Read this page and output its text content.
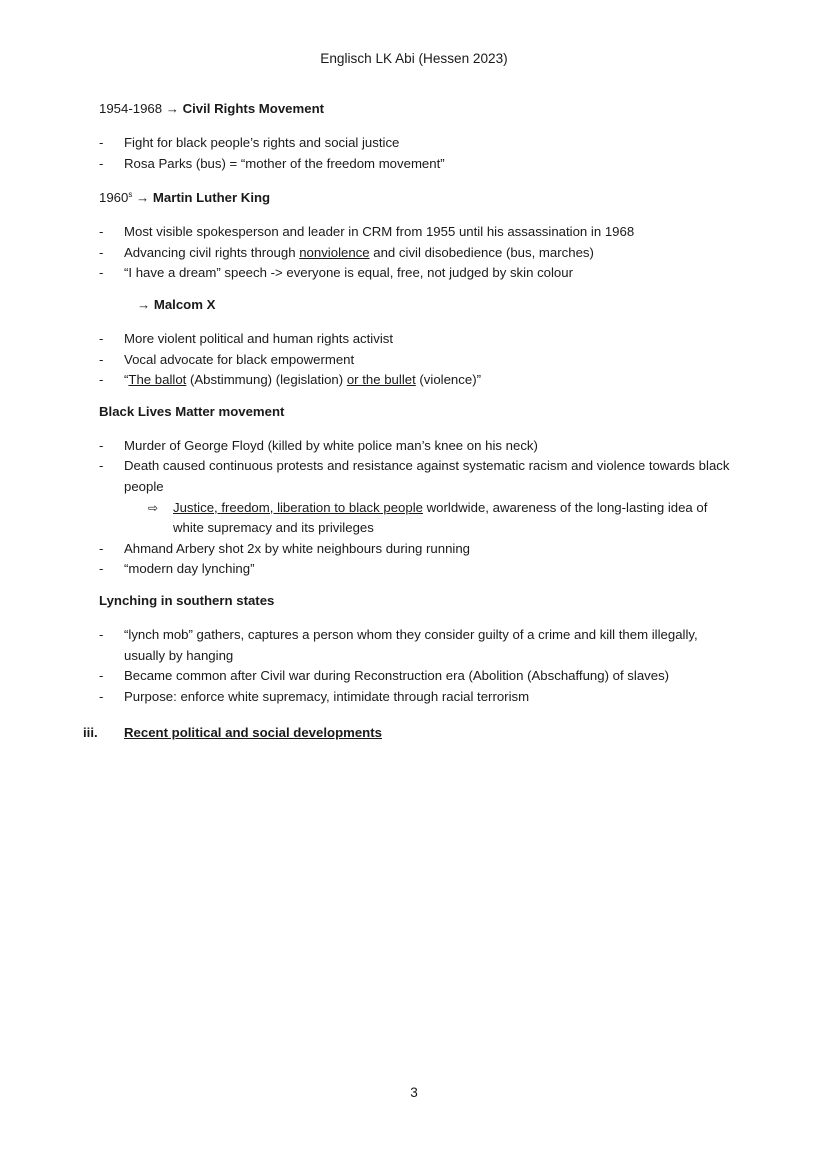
Englisch LK Abi (Hessen 2023)
1954-1968 → Civil Rights Movement
- Fight for black people’s rights and social justice
- Rosa Parks (bus) = “mother of the freedom movement”
$1960^s$ → Martin Luther King
- Most visible spokesperson and leader in CRM from 1955 until his assassination in 1968
- Advancing civil rights through nonviolence and civil disobedience (bus, marches)
- “I have a dream” speech -> everyone is equal, free, not judged by skin colour
→ Malcom X
- More violent political and human rights activist
- Vocal advocate for black empowerment
- “The ballot (Abstimmung) (legislation) or the bullet (violence)”
Black Lives Matter movement
- Murder of George Floyd (killed by white police man’s knee on his neck)
- Death caused continuous protests and resistance against systematic racism and violence towards black people
⇨ Justice, freedom, liberation to black people worldwide, awareness of the long-lasting idea of white supremacy and its privileges
- Ahmand Arbery shot 2x by white neighbours during running
- “modern day lynching”
Lynching in southern states
- “lynch mob” gathers, captures a person whom they consider guilty of a crime and kill them illegally, usually by hanging
- Became common after Civil war during Reconstruction era (Abolition (Abschaffung) of slaves)
- Purpose: enforce white supremacy, intimidate through racial terrorism
iii. Recent political and social developments
3
